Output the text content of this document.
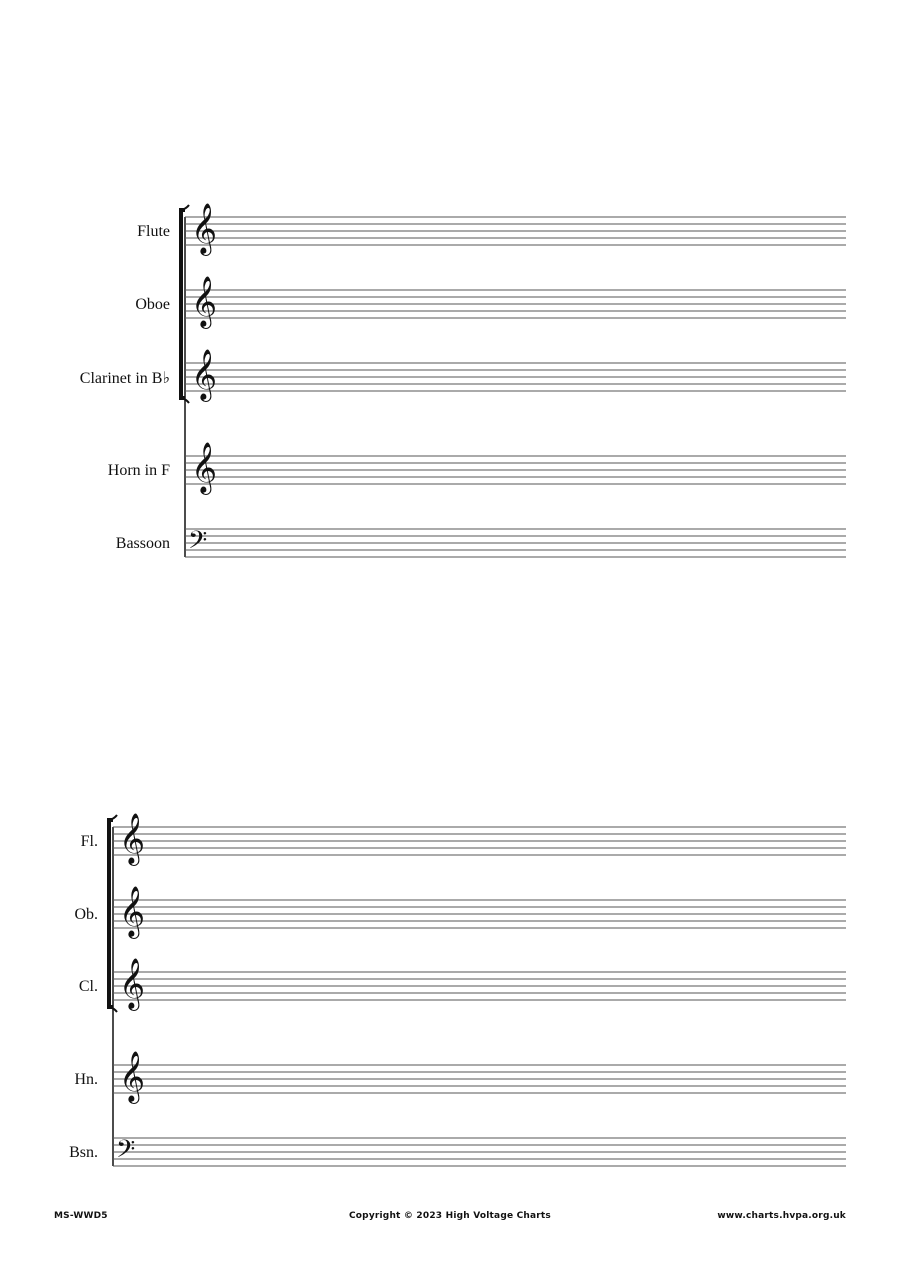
𝄞
Flute
𝄞
Oboe
𝄞
Clarinet in B♭
𝄞
Horn in F
𝄢
Bassoon
𝄞
Fl.
𝄞
Ob.
𝄞
Cl.
𝄞
Hn.
𝄢
Bsn.
MS-WWD5	Copyright © 2023 High Voltage Charts	www.charts.hvpa.org.uk
